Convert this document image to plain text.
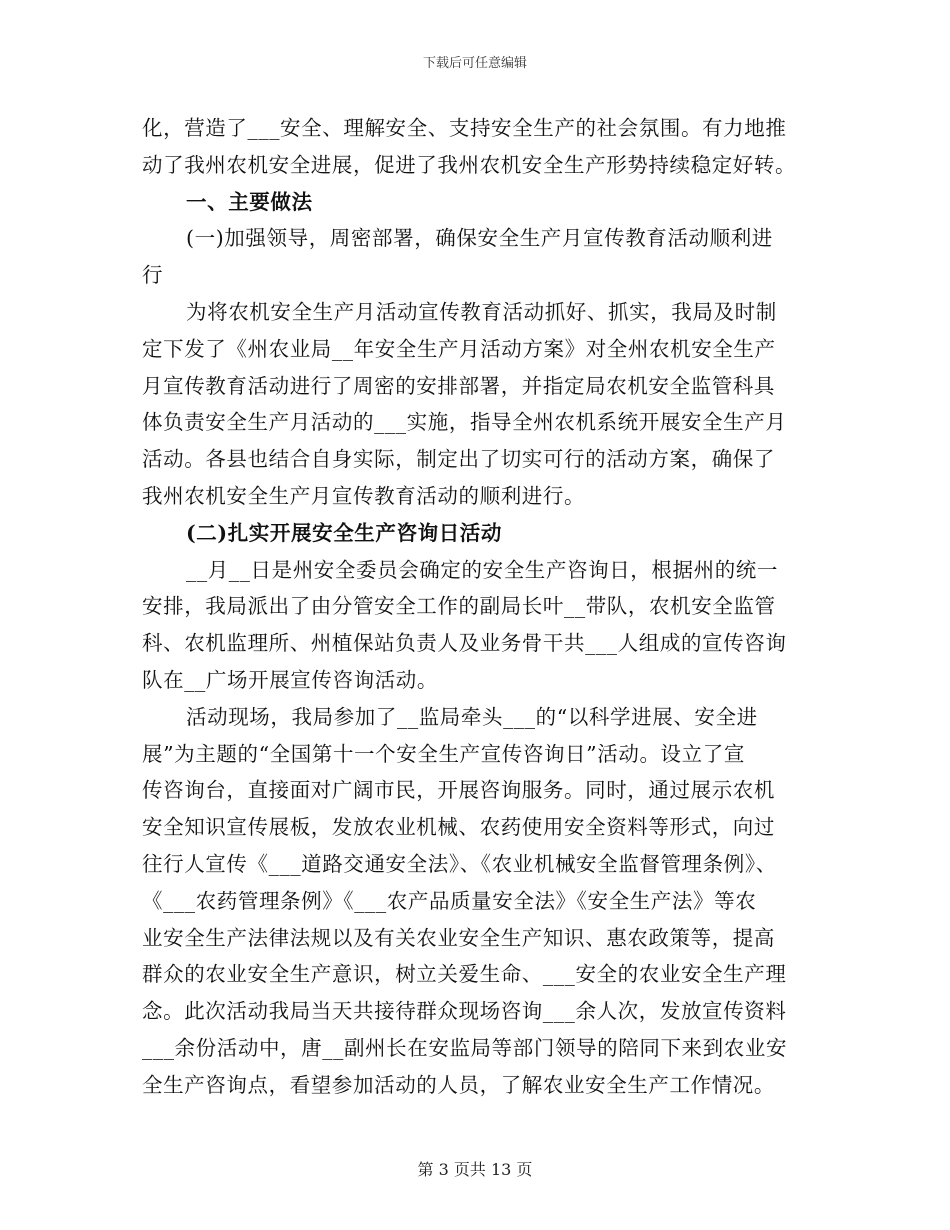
下载后可任意编辑
化，营造了___安全、理解安全、支持安全生产的社会氛围。有力地推
动了我州农机安全进展，促进了我州农机安全生产形势持续稳定好转。
一、主要做法
(一)加强领导，周密部署，确保安全生产月宣传教育活动顺利进
行
为将农机安全生产月活动宣传教育活动抓好、抓实，我局及时制
定下发了《州农业局__年安全生产月活动方案》对全州农机安全生产
月宣传教育活动进行了周密的安排部署，并指定局农机安全监管科具
体负责安全生产月活动的___实施，指导全州农机系统开展安全生产月
活动。各县也结合自身实际，制定出了切实可行的活动方案，确保了
我州农机安全生产月宣传教育活动的顺利进行。
(二)扎实开展安全生产咨询日活动
__月__日是州安全委员会确定的安全生产咨询日，根据州的统一
安排，我局派出了由分管安全工作的副局长叶__带队，农机安全监管
科、农机监理所、州植保站负责人及业务骨干共___人组成的宣传咨询
队在__广场开展宣传咨询活动。
活动现场，我局参加了__监局牵头___的“以科学进展、安全进
展”为主题的“全国第十一个安全生产宣传咨询日”活动。设立了宣
传咨询台，直接面对广阔市民，开展咨询服务。同时，通过展示农机
安全知识宣传展板，发放农业机械、农药使用安全资料等形式，向过
往行人宣传《___道路交通安全法》、《农业机械安全监督管理条例》、
《___农药管理条例》《___农产品质量安全法》《安全生产法》等农
业安全生产法律法规以及有关农业安全生产知识、惠农政策等，提高
群众的农业安全生产意识，树立关爱生命、___安全的农业安全生产理
念。此次活动我局当天共接待群众现场咨询___余人次，发放宣传资料
___余份活动中，唐__副州长在安监局等部门领导的陪同下来到农业安
全生产咨询点，看望参加活动的人员，了解农业安全生产工作情况。
第 3 页共 13 页
